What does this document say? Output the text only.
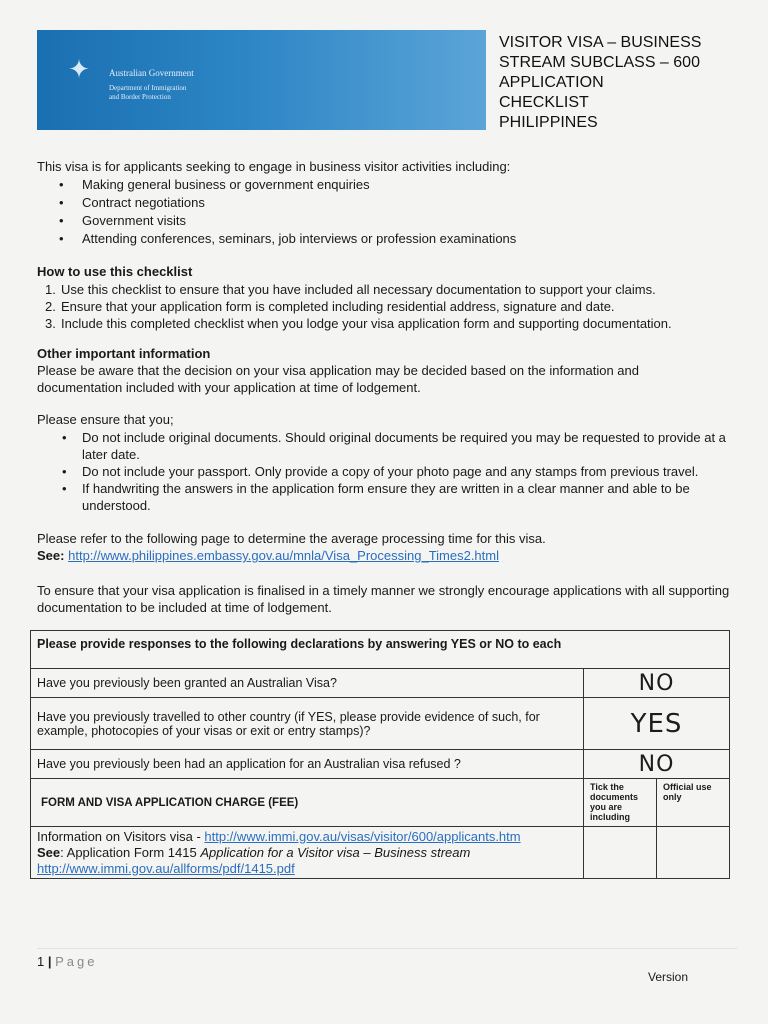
✦	Australian Government
Department of Immigration
and Border Protection
VISITOR VISA – BUSINESS
STREAM SUBCLASS – 600
APPLICATION
CHECKLIST
PHILIPPINES
This visa is for applicants seeking to engage in business visitor activities including:
• Making general business or government enquiries
• Contract negotiations
• Government visits
• Attending conferences, seminars, job interviews or profession examinations
How to use this checklist
1. Use this checklist to ensure that you have included all necessary documentation to support your claims.
2. Ensure that your application form is completed including residential address, signature and date.
3. Include this completed checklist when you lodge your visa application form and supporting documentation.
Other important information
Please be aware that the decision on your visa application may be decided based on the information and documentation included with your application at time of lodgement.
Please ensure that you;
• Do not include original documents. Should original documents be required you may be requested to provide at a later date.
• Do not include your passport. Only provide a copy of your photo page and any stamps from previous travel.
• If handwriting the answers in the application form ensure they are written in a clear manner and able to be understood.
Please refer to the following page to determine the average processing time for this visa.
See: http://www.philippines.embassy.gov.au/mnla/Visa_Processing_Times2.html
To ensure that your visa application is finalised in a timely manner we strongly encourage applications with all supporting documentation to be included at time of lodgement.
Please provide responses to the following declarations by answering YES or NO to each		
Have you previously been granted an Australian Visa?	NO	
Have you previously travelled to other country (if YES, please provide evidence of such, for example, photocopies of your visas or exit or entry stamps)?	YES	
Have you previously been had an application for an Australian visa refused ?	NO	
FORM AND VISA APPLICATION CHARGE (FEE)	Tick the documents you are including	Official use only

Information on Visitors visa - http://www.immi.gov.au/visas/visitor/600/applicants.htm
See: Application Form 1415 Application for a Visitor visa – Business stream
http://www.immi.gov.au/allforms/pdf/1415.pdf		
1 | Page
Version
